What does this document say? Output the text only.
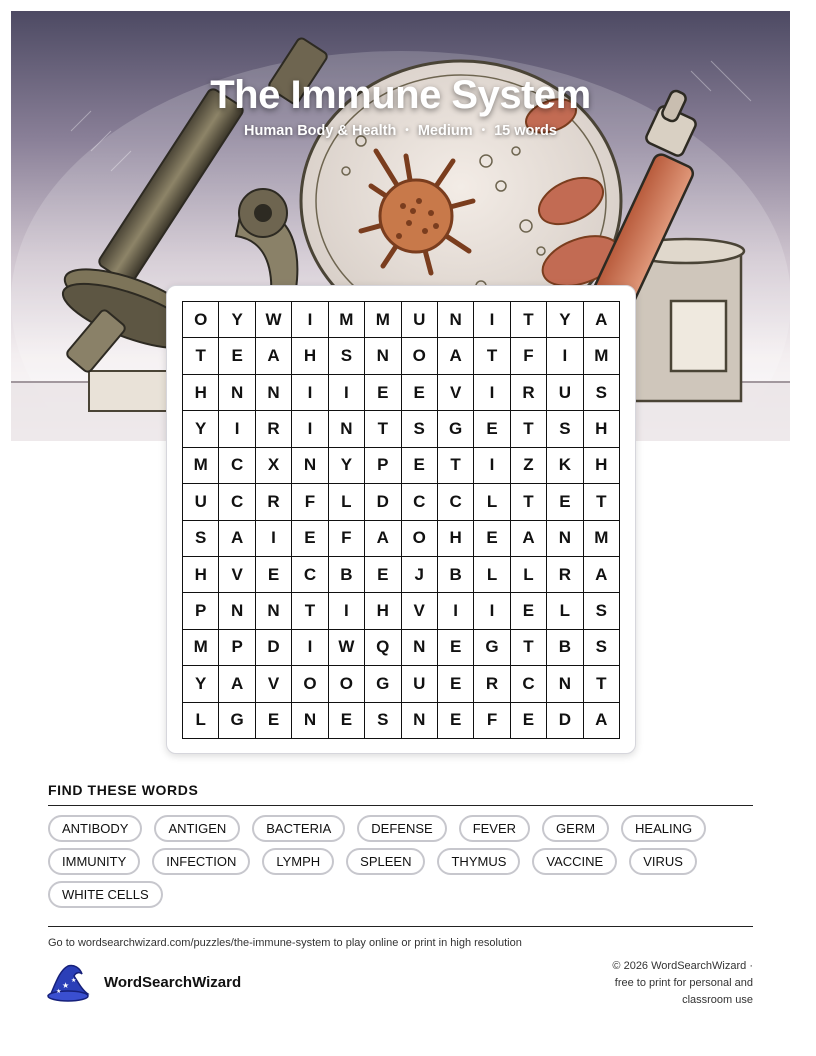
The Immune System
Human Body & Health • Medium • 15 words
O	Y	W	I	M	M	U	N	I	T	Y	A
T	E	A	H	S	N	O	A	T	F	I	M
H	N	N	I	I	E	E	V	I	R	U	S
Y	I	R	I	N	T	S	G	E	T	S	H
M	C	X	N	Y	P	E	T	I	Z	K	H
U	C	R	F	L	D	C	C	L	T	E	T
S	A	I	E	F	A	O	H	E	A	N	M
H	V	E	C	B	E	J	B	L	L	R	A
P	N	N	T	I	H	V	I	I	E	L	S
M	P	D	I	W	Q	N	E	G	T	B	S
Y	A	V	O	O	G	U	E	R	C	N	T
L	G	E	N	E	S	N	E	F	E	D	A
FIND THESE WORDS
ANTIBODY	ANTIGEN	BACTERIA	DEFENSE	FEVER	GERM	HEALING
IMMUNITY	INFECTION	LYMPH	SPLEEN	THYMUS	VACCINE	VIRUS
WHITE CELLS
Go to wordsearchwizard.com/puzzles/the-immune-system to play online or print in high resolution
★
★
★
WordSearchWizard
© 2026 WordSearchWizard ·
free to print for personal and
classroom use
